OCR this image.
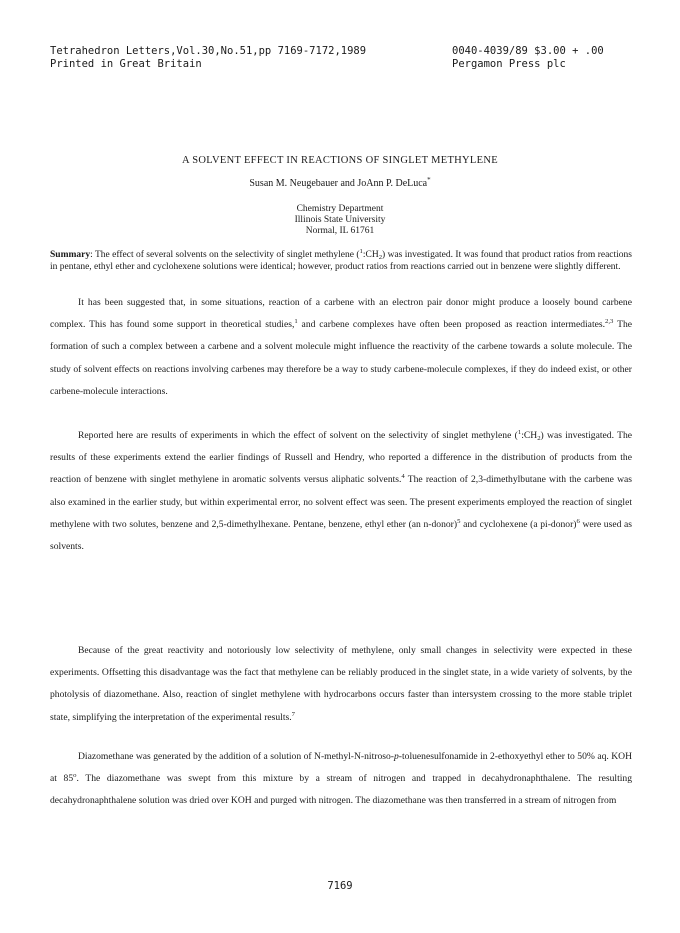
Tetrahedron Letters,Vol.30,No.51,pp 7169-7172,1989
Printed in Great Britain
0040-4039/89 $3.00 + .00
Pergamon Press plc
A SOLVENT EFFECT IN REACTIONS OF SINGLET METHYLENE
Susan M. Neugebauer and JoAnn P. DeLuca*
Chemistry Department
Illinois State University
Normal, IL 61761
Summary: The effect of several solvents on the selectivity of singlet methylene $(^1:CH_2)$ was investigated. It was found that product ratios from reactions in pentane, ethyl ether and cyclohexene solutions were identical; however, product ratios from reactions carried out in benzene were slightly different.
It has been suggested that, in some situations, reaction of a carbene with an electron pair donor might produce a loosely bound carbene complex. This has found some support in theoretical studies,$^1$ and carbene complexes have often been proposed as reaction intermediates.$^{2,3}$ The formation of such a complex between a carbene and a solvent molecule might influence the reactivity of the carbene towards a solute molecule. The study of solvent effects on reactions involving carbenes may therefore be a way to study carbene-molecule complexes, if they do indeed exist, or other carbene-molecule interactions.
Reported here are results of experiments in which the effect of solvent on the selectivity of singlet methylene $(^1:CH_2)$ was investigated. The results of these experiments extend the earlier findings of Russell and Hendry, who reported a difference in the distribution of products from the reaction of benzene with singlet methylene in aromatic solvents versus aliphatic solvents.$^4$ The reaction of 2,3-dimethylbutane with the carbene was also examined in the earlier study, but within experimental error, no solvent effect was seen. The present experiments employed the reaction of singlet methylene with two solutes, benzene and 2,5-dimethylhexane. Pentane, benzene, ethyl ether (an n-donor)$^5$ and cyclohexene (a pi-donor)$^6$ were used as solvents.
Because of the great reactivity and notoriously low selectivity of methylene, only small changes in selectivity were expected in these experiments. Offsetting this disadvantage was the fact that methylene can be reliably produced in the singlet state, in a wide variety of solvents, by the photolysis of diazomethane. Also, reaction of singlet methylene with hydrocarbons occurs faster than intersystem crossing to the more stable triplet state, simplifying the interpretation of the experimental results.$^7$
Diazomethane was generated by the addition of a solution of N-methyl-N-nitroso-p-toluenesulfonamide in 2-ethoxyethyl ether to 50% aq. KOH at 85$^o$. The diazomethane was swept from this mixture by a stream of nitrogen and trapped in decahydronaphthalene. The resulting decahydronaphthalene solution was dried over KOH and purged with nitrogen. The diazomethane was then transferred in a stream of nitrogen from
7169
